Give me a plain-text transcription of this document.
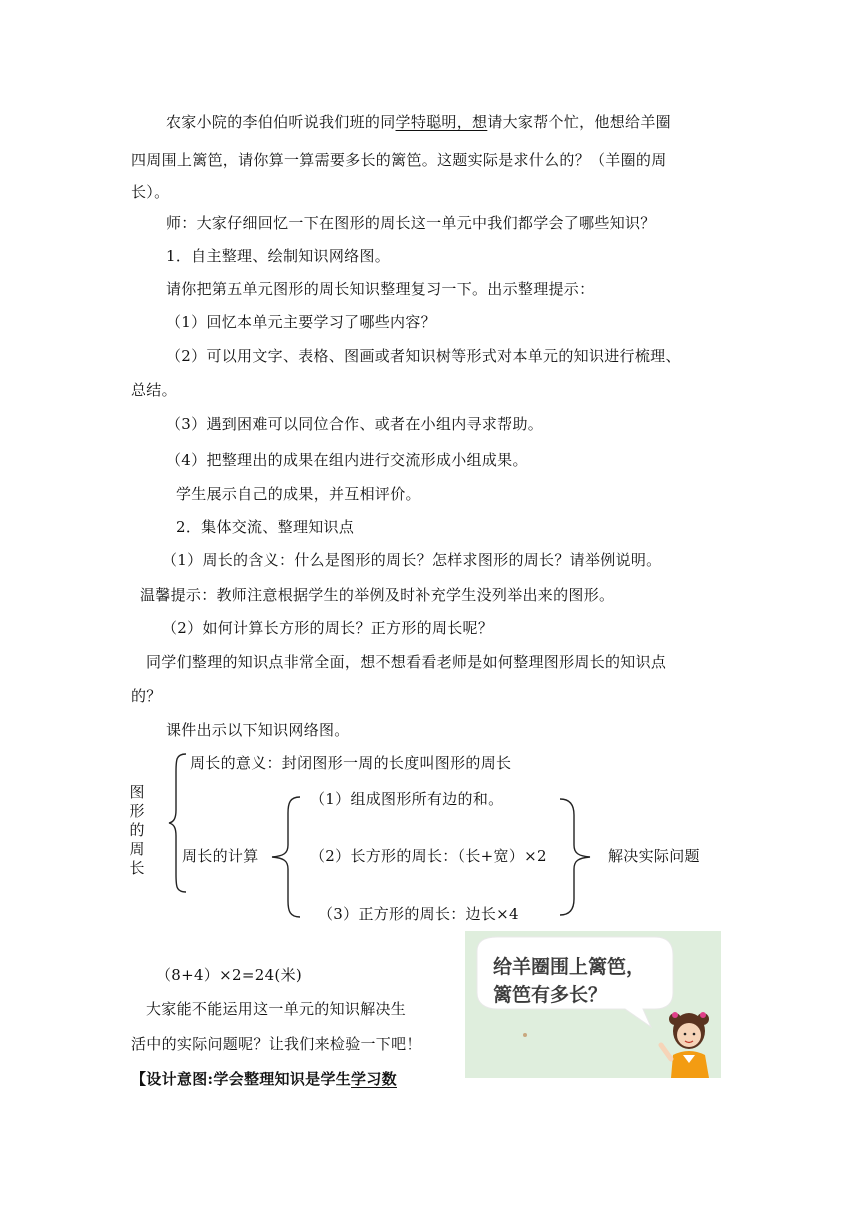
农家小院的李伯伯听说我们班的同学特聪明，想请大家帮个忙，他想给羊圈
四周围上篱笆，请你算一算需要多长的篱笆。这题实际是求什么的？（羊圈的周
长）。
师：大家仔细回忆一下在图形的周长这一单元中我们都学会了哪些知识？
1．自主整理、绘制知识网络图。
请你把第五单元图形的周长知识整理复习一下。出示整理提示：
（1）回忆本单元主要学习了哪些内容？
（2）可以用文字、表格、图画或者知识树等形式对本单元的知识进行梳理、
总结。
（3）遇到困难可以同位合作、或者在小组内寻求帮助。
（4）把整理出的成果在组内进行交流形成小组成果。
学生展示自己的成果，并互相评价。
2．集体交流、整理知识点
（1）周长的含义：什么是图形的周长？怎样求图形的周长？请举例说明。
温馨提示：教师注意根据学生的举例及时补充学生没列举出来的图形。
（2）如何计算长方形的周长？正方形的周长呢？
同学们整理的知识点非常全面，想不想看看老师是如何整理图形周长的知识点
的？
课件出示以下知识网络图。
图形的周长
周长的意义：封闭图形一周的长度叫图形的周长
周长的计算
（1）组成图形所有边的和。
（2）长方形的周长：（长+宽）×2
（3）正方形的周长：边长×4
解决实际问题
（8+4）×2=24(米)
大家能不能运用这一单元的知识解决生
活中的实际问题呢？让我们来检验一下吧！
【设计意图:学会整理知识是学生学习数
给羊圈围上篱笆，篱笆有多长？
